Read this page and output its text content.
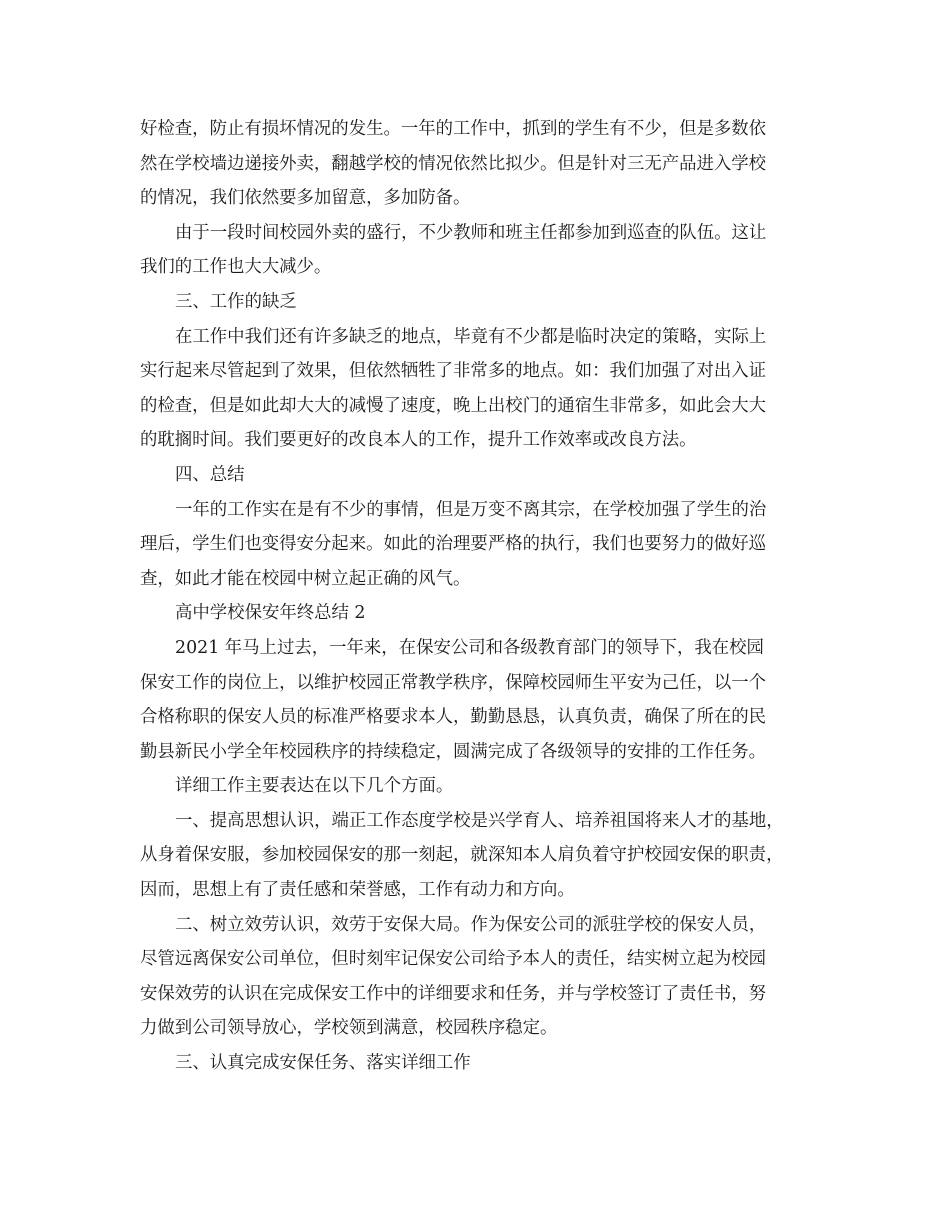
好检查，防止有损坏情况的发生。一年的工作中，抓到的学生有不少，但是多数依
然在学校墙边递接外卖，翻越学校的情况依然比拟少。但是针对三无产品进入学校
的情况，我们依然要多加留意，多加防备。
由于一段时间校园外卖的盛行，不少教师和班主任都参加到巡查的队伍。这让
我们的工作也大大减少。
三、工作的缺乏
在工作中我们还有许多缺乏的地点，毕竟有不少都是临时决定的策略，实际上
实行起来尽管起到了效果，但依然牺牲了非常多的地点。如：我们加强了对出入证
的检查，但是如此却大大的减慢了速度，晚上出校门的通宿生非常多，如此会大大
的耽搁时间。我们要更好的改良本人的工作，提升工作效率或改良方法。
四、总结
一年的工作实在是有不少的事情，但是万变不离其宗，在学校加强了学生的治
理后，学生们也变得安分起来。如此的治理要严格的执行，我们也要努力的做好巡
查，如此才能在校园中树立起正确的风气。
高中学校保安年终总结 2
2021 年马上过去，一年来，在保安公司和各级教育部门的领导下，我在校园
保安工作的岗位上，以维护校园正常教学秩序，保障校园师生平安为己任，以一个
合格称职的保安人员的标准严格要求本人，勤勤恳恳，认真负责，确保了所在的民
勤县新民小学全年校园秩序的持续稳定，圆满完成了各级领导的安排的工作任务。
详细工作主要表达在以下几个方面。
一、提高思想认识，端正工作态度学校是兴学育人、培养祖国将来人才的基地，
从身着保安服，参加校园保安的那一刻起，就深知本人肩负着守护校园安保的职责，
因而，思想上有了责任感和荣誉感，工作有动力和方向。
二、树立效劳认识，效劳于安保大局。作为保安公司的派驻学校的保安人员，
尽管远离保安公司单位，但时刻牢记保安公司给予本人的责任，结实树立起为校园
安保效劳的认识在完成保安工作中的详细要求和任务，并与学校签订了责任书，努
力做到公司领导放心，学校领到满意，校园秩序稳定。
三、认真完成安保任务、落实详细工作
